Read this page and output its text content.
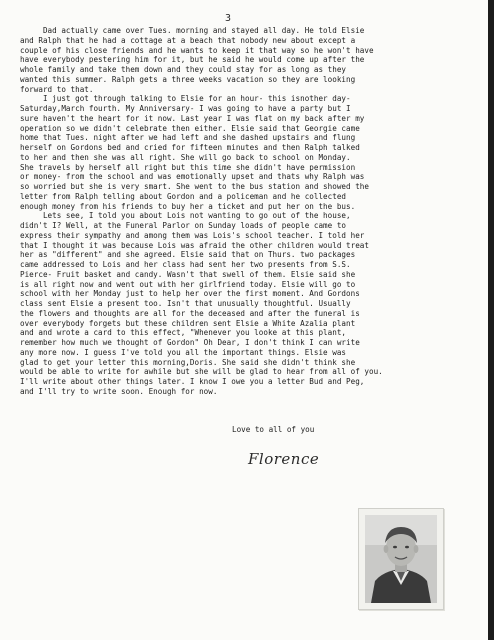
3
Dad actually came over Tues. morning and stayed all day. He told Elsie
and Ralph that he had a cottage at a beach that nobody new about except a
couple of his close friends and he wants to keep it that way so he won't have
have everybody pestering him for it, but he said he would come up after the
whole family and take them down and they could stay for as long as they
wanted this summer. Ralph gets a three weeks vacation so they are looking
forward to that.
I just got through talking to Elsie for an hour- this isnother day-
Saturday,March fourth. My Anniversary- I was going to have a party but I
sure haven't the heart for it now. Last year I was flat on my back after my
operation so we didn't celebrate then either. Elsie said that Georgie came
home that Tues. night after we had left and she dashed upstairs and flung
herself on Gordons bed and cried for fifteen minutes and then Ralph talked
to her and then she was all right. She will go back to school on Monday.
She travels by herself all right but this time she didn't have permission
or money- from the school and was emotionally upset and thats why Ralph was
so worried but she is very smart. She went to the bus station and showed the
letter from Ralph telling about Gordon and a policeman and he collected
enough money from his friends to buy her a ticket and put her on the bus.
Lets see, I told you about Lois not wanting to go out of the house,
didn't I? Well, at the Funeral Parlor on Sunday loads of people came to
express their sympathy and among them was Lois's school teacher. I told her
that I thought it was because Lois was afraid the other children would treat
her as "different" and she agreed. Elsie said that on Thurs. two packages
came addressed to Lois and her class had sent her two presents from S.S.
Pierce- Fruit basket and candy. Wasn't that swell of them. Elsie said she
is all right now and went out with her girlfriend today. Elsie will go to
school with her Monday just to help her over the first moment. And Gordons
class sent Elsie a present too. Isn't that unusually thoughtful. Usually
the flowers and thoughts are all for the deceased and after the funeral is
over everybody forgets but these children sent Elsie a White Azalia plant
and and wrote a card to this effect, "Whenever you looke at this plant,
remember how much we thought of Gordon" Oh Dear, I don't think I can write
any more now. I guess I've told you all the important things. Elsie was
glad to get your letter this morning,Doris. She said she didn't think she
would be able to write for awhile but she will be glad to hear from all of you.
I'll write about other things later. I know I owe you a letter Bud and Peg,
and I'll try to write soon. Enough for now.
Love to all of you
Florence
